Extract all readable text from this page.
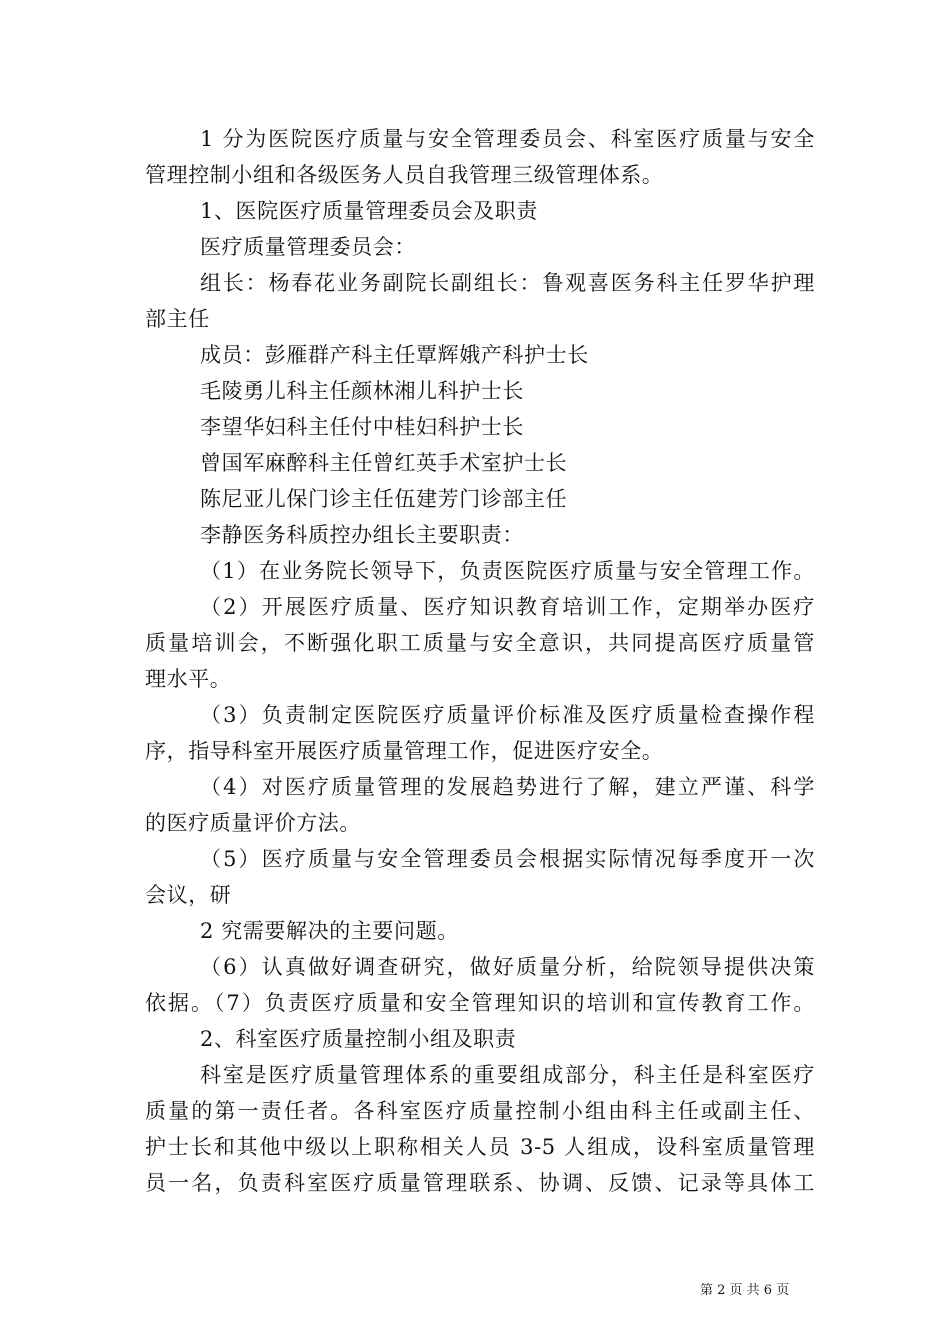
1 分为医院医疗质量与安全管理委员会、科室医疗质量与安全
管理控制小组和各级医务人员自我管理三级管理体系。
1、医院医疗质量管理委员会及职责
医疗质量管理委员会：
组长：杨春花业务副院长副组长：鲁观喜医务科主任罗华护理
部主任
成员：彭雁群产科主任覃辉娥产科护士长
毛陵勇儿科主任颜林湘儿科护士长
李望华妇科主任付中桂妇科护士长
曾国军麻醉科主任曾红英手术室护士长
陈尼亚儿保门诊主任伍建芳门诊部主任
李静医务科质控办组长主要职责：
（1）在业务院长领导下，负责医院医疗质量与安全管理工作。
（2）开展医疗质量、医疗知识教育培训工作，定期举办医疗
质量培训会，不断强化职工质量与安全意识，共同提高医疗质量管
理水平。
（3）负责制定医院医疗质量评价标准及医疗质量检查操作程
序，指导科室开展医疗质量管理工作，促进医疗安全。
（4）对医疗质量管理的发展趋势进行了解，建立严谨、科学
的医疗质量评价方法。
（5）医疗质量与安全管理委员会根据实际情况每季度开一次
会议，研
2 究需要解决的主要问题。
（6）认真做好调查研究，做好质量分析，给院领导提供决策
依据。（7）负责医疗质量和安全管理知识的培训和宣传教育工作。
2、科室医疗质量控制小组及职责
科室是医疗质量管理体系的重要组成部分，科主任是科室医疗
质量的第一责任者。各科室医疗质量控制小组由科主任或副主任、
护士长和其他中级以上职称相关人员 3-5 人组成，设科室质量管理
员一名，负责科室医疗质量管理联系、协调、反馈、记录等具体工
第 2 页 共 6 页
